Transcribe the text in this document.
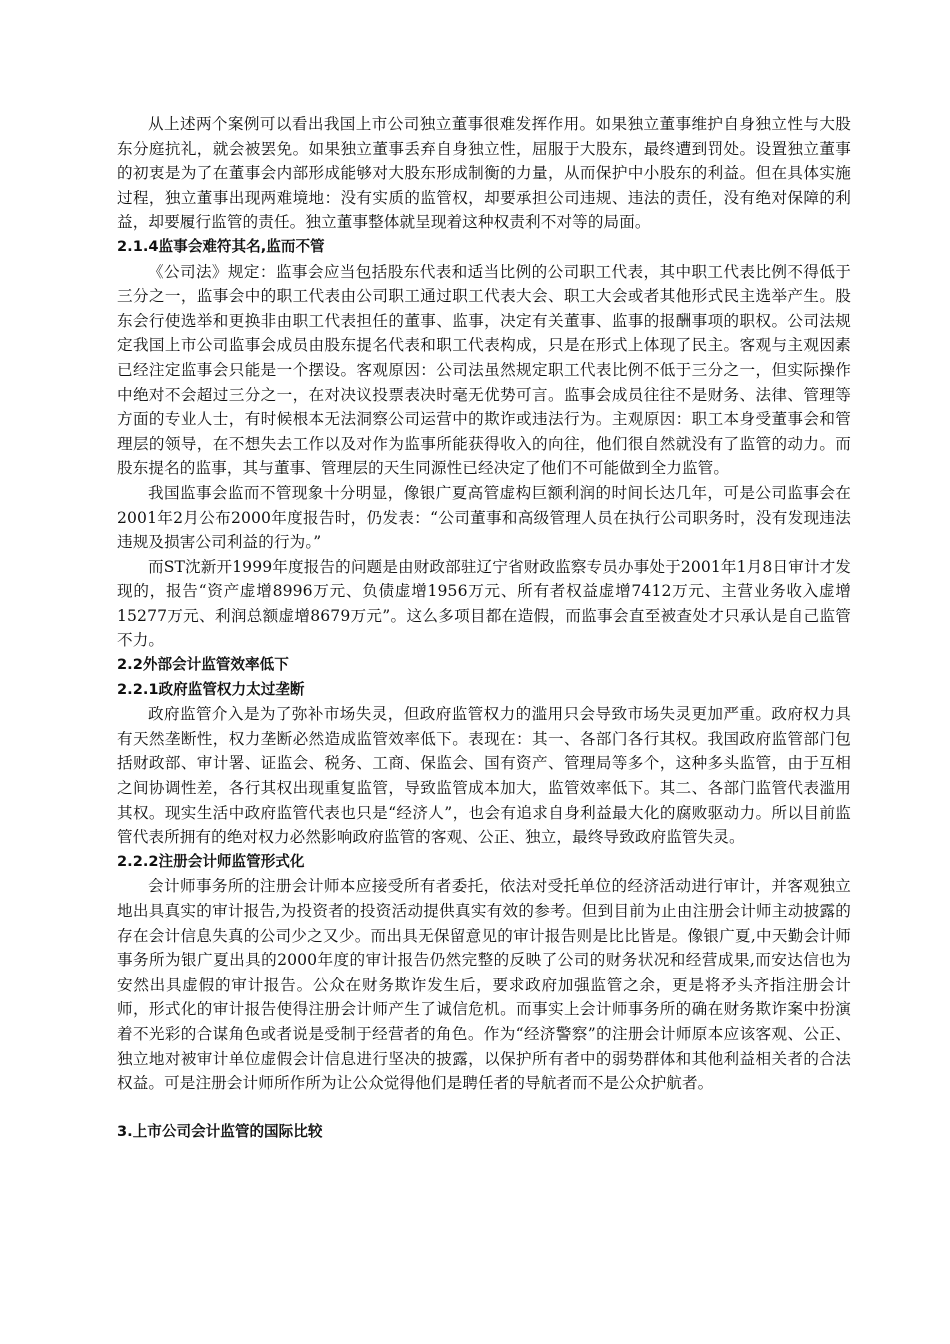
从上述两个案例可以看出我国上市公司独立董事很难发挥作用。如果独立董事维护自身独立性与大股东分庭抗礼，就会被罢免。如果独立董事丢弃自身独立性，屈服于大股东，最终遭到罚处。设置独立董事的初衷是为了在董事会内部形成能够对大股东形成制衡的力量，从而保护中小股东的利益。但在具体实施过程，独立董事出现两难境地：没有实质的监管权，却要承担公司违规、违法的责任，没有绝对保障的利益，却要履行监管的责任。独立董事整体就呈现着这种权责利不对等的局面。

2.1.4监事会难符其名,监而不管

《公司法》规定：监事会应当包括股东代表和适当比例的公司职工代表，其中职工代表比例不得低于三分之一，监事会中的职工代表由公司职工通过职工代表大会、职工大会或者其他形式民主选举产生。股东会行使选举和更换非由职工代表担任的董事、监事，决定有关董事、监事的报酬事项的职权。公司法规定我国上市公司监事会成员由股东提名代表和职工代表构成，只是在形式上体现了民主。客观与主观因素已经注定监事会只能是一个摆设。客观原因：公司法虽然规定职工代表比例不低于三分之一，但实际操作中绝对不会超过三分之一，在对决议投票表决时毫无优势可言。监事会成员往往不是财务、法律、管理等方面的专业人士，有时候根本无法洞察公司运营中的欺诈或违法行为。主观原因：职工本身受董事会和管理层的领导，在不想失去工作以及对作为监事所能获得收入的向往，他们很自然就没有了监管的动力。而股东提名的监事，其与董事、管理层的天生同源性已经决定了他们不可能做到全力监管。

我国监事会监而不管现象十分明显，像银广夏高管虚构巨额利润的时间长达几年，可是公司监事会在2001年2月公布2000年度报告时，仍发表：“公司董事和高级管理人员在执行公司职务时，没有发现违法违规及损害公司利益的行为。”

而ST沈新开1999年度报告的问题是由财政部驻辽宁省财政监察专员办事处于2001年1月8日审计才发现的，报告“资产虚增8996万元、负债虚增1956万元、所有者权益虚增7412万元、主营业务收入虚增15277万元、利润总额虚增8679万元”。这么多项目都在造假，而监事会直至被查处才只承认是自己监管不力。

2.2外部会计监管效率低下

2.2.1政府监管权力太过垄断

政府监管介入是为了弥补市场失灵，但政府监管权力的滥用只会导致市场失灵更加严重。政府权力具有天然垄断性，权力垄断必然造成监管效率低下。表现在：其一、各部门各行其权。我国政府监管部门包括财政部、审计署、证监会、税务、工商、保监会、国有资产、管理局等多个，这种多头监管，由于互相之间协调性差，各行其权出现重复监管，导致监管成本加大，监管效率低下。其二、各部门监管代表滥用其权。现实生活中政府监管代表也只是“经济人”，也会有追求自身利益最大化的腐败驱动力。所以目前监管代表所拥有的绝对权力必然影响政府监管的客观、公正、独立，最终导致政府监管失灵。

2.2.2注册会计师监管形式化

会计师事务所的注册会计师本应接受所有者委托，依法对受托单位的经济活动进行审计，并客观独立地出具真实的审计报告,为投资者的投资活动提供真实有效的参考。但到目前为止由注册会计师主动披露的存在会计信息失真的公司少之又少。而出具无保留意见的审计报告则是比比皆是。像银广夏,中天勤会计师事务所为银广夏出具的2000年度的审计报告仍然完整的反映了公司的财务状况和经营成果,而安达信也为安然出具虚假的审计报告。公众在财务欺诈发生后，要求政府加强监管之余，更是将矛头齐指注册会计师，形式化的审计报告使得注册会计师产生了诚信危机。而事实上会计师事务所的确在财务欺诈案中扮演着不光彩的合谋角色或者说是受制于经营者的角色。作为“经济警察”的注册会计师原本应该客观、公正、独立地对被审计单位虚假会计信息进行坚决的披露，以保护所有者中的弱势群体和其他利益相关者的合法权益。可是注册会计师所作所为让公众觉得他们是聘任者的导航者而不是公众护航者。

3.上市公司会计监管的国际比较
